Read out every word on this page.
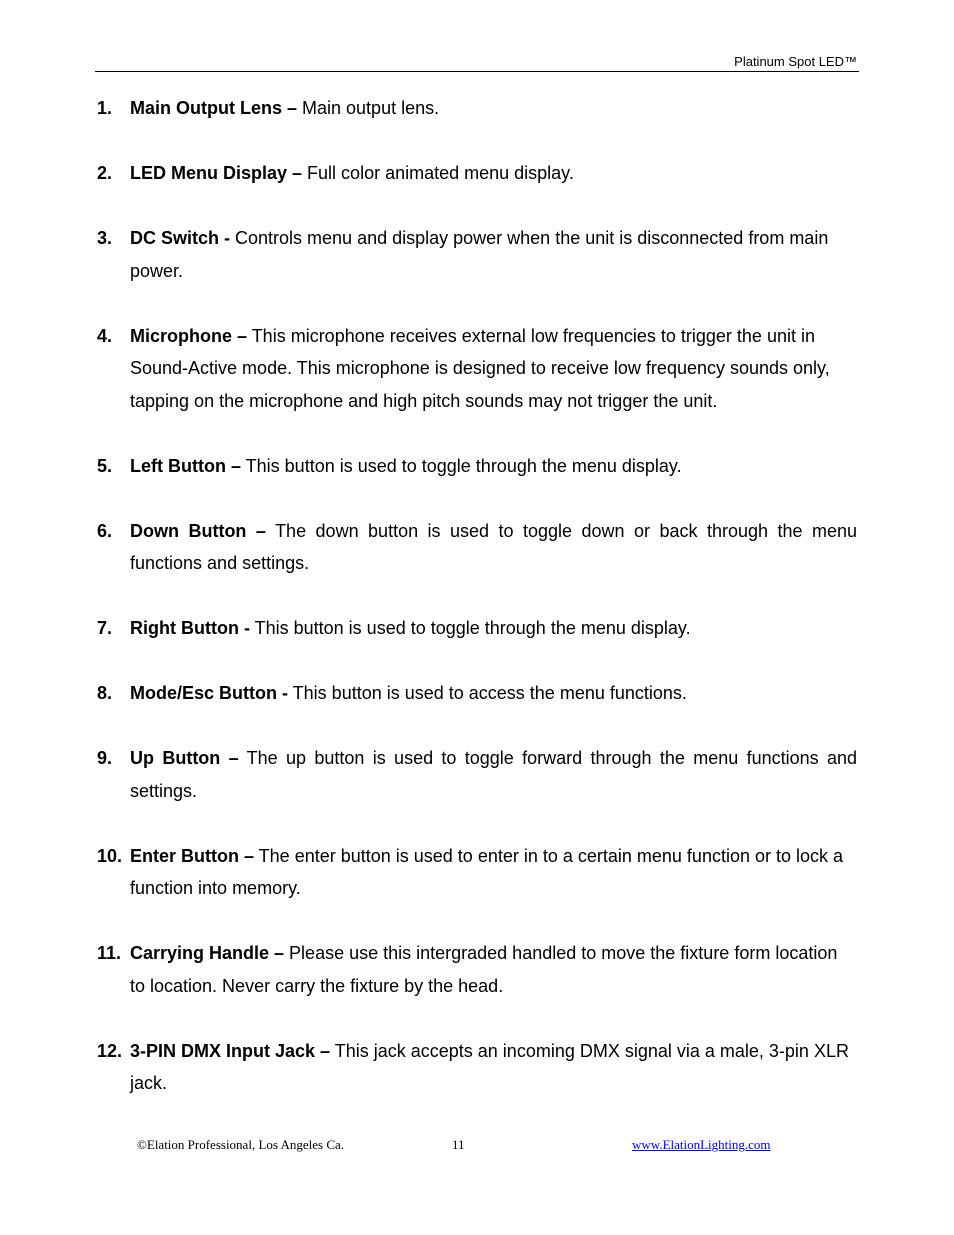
Platinum Spot LED™
1. Main Output Lens – Main output lens.
2. LED Menu Display – Full color animated menu display.
3. DC Switch - Controls menu and display power when the unit is disconnected from main power.
4. Microphone – This microphone receives external low frequencies to trigger the unit in Sound-Active mode. This microphone is designed to receive low frequency sounds only, tapping on the microphone and high pitch sounds may not trigger the unit.
5. Left Button – This button is used to toggle through the menu display.
6. Down Button – The down button is used to toggle down or back through the menu functions and settings.
7. Right Button - This button is used to toggle through the menu display.
8. Mode/Esc Button - This button is used to access the menu functions.
9. Up Button – The up button is used to toggle forward through the menu functions and settings.
10. Enter Button – The enter button is used to enter in to a certain menu function or to lock a function into memory.
11. Carrying Handle – Please use this intergraded handled to move the fixture form location to location. Never carry the fixture by the head.
12. 3-PIN DMX Input Jack – This jack accepts an incoming DMX signal via a male, 3-pin XLR jack.
©Elation Professional, Los Angeles Ca.	11	www.ElationLighting.com
